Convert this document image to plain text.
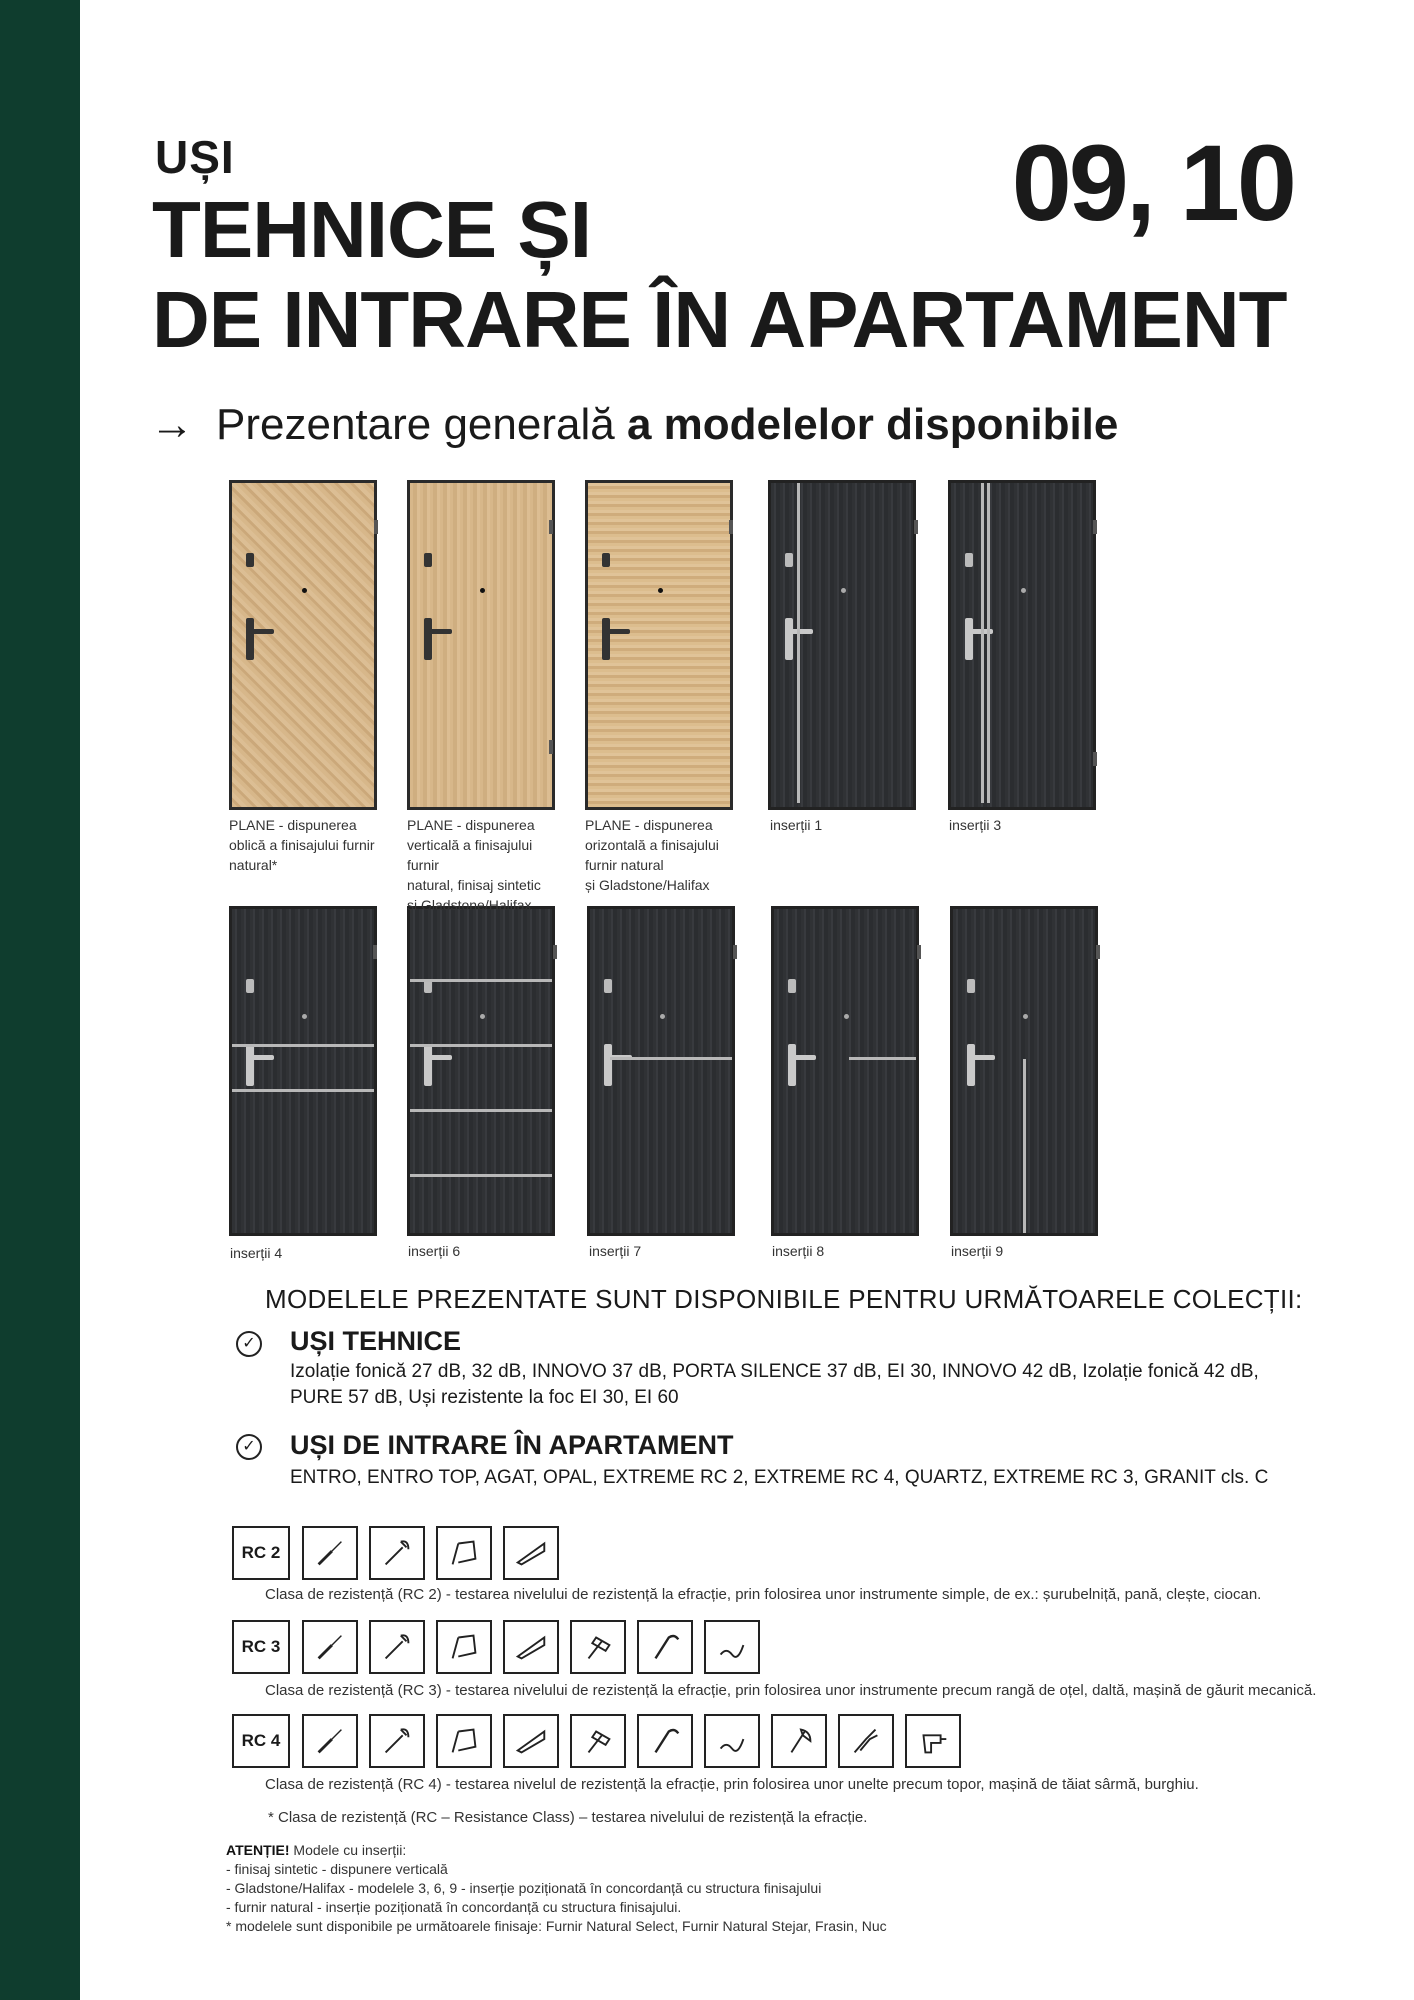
UȘI
TEHNICE ȘI
DE INTRARE ÎN APARTAMENT
09, 10
→ Prezentare generală a modelelor disponibile
PLANE - dispunerea
oblică a finisajului furnir
natural*
PLANE - dispunerea
verticală a finisajului furnir
natural, finisaj sintetic
și Gladstone/Halifax
PLANE - dispunerea
orizontală a finisajului
furnir natural
și Gladstone/Halifax
inserții 1	inserții 3
inserții 4	inserții 6	inserții 7	inserții 8	inserții 9
MODELELE PREZENTATE SUNT DISPONIBILE PENTRU URMĂTOARELE COLECȚII:
✓ UȘI TEHNICE
Izolație fonică 27 dB, 32 dB, INNOVO 37 dB, PORTA SILENCE 37 dB, EI 30, INNOVO 42 dB, Izolație fonică 42 dB,
PURE 57 dB, Uși rezistente la foc EI 30, EI 60
✓ UȘI DE INTRARE ÎN APARTAMENT
ENTRO, ENTRO TOP, AGAT, OPAL, EXTREME RC 2, EXTREME RC 4, QUARTZ, EXTREME RC 3, GRANIT cls. C
RC 2
RC 3
RC 4
Clasa de rezistență (RC 2) - testarea nivelului de rezistență la efracție, prin folosirea unor instrumente simple, de ex.: șurubelniță, pană, clește, ciocan.
Clasa de rezistență (RC 3) - testarea nivelului de rezistență la efracție, prin folosirea unor instrumente precum rangă de oțel, daltă, mașină de găurit mecanică.
Clasa de rezistență (RC 4) - testarea nivelul de rezistență la efracție, prin folosirea unor unelte precum topor, mașină de tăiat sârmă, burghiu.
* Clasa de rezistență (RC – Resistance Class) – testarea nivelului de rezistență la efracție.
ATENȚIE! Modele cu inserții:
- finisaj sintetic - dispunere verticală
- Gladstone/Halifax - modelele 3, 6, 9 - inserție poziționată în concordanță cu structura finisajului
- furnir natural - inserție poziționată în concordanță cu structura finisajului.
* modelele sunt disponibile pe următoarele finisaje: Furnir Natural Select, Furnir Natural Stejar, Frasin, Nuc
